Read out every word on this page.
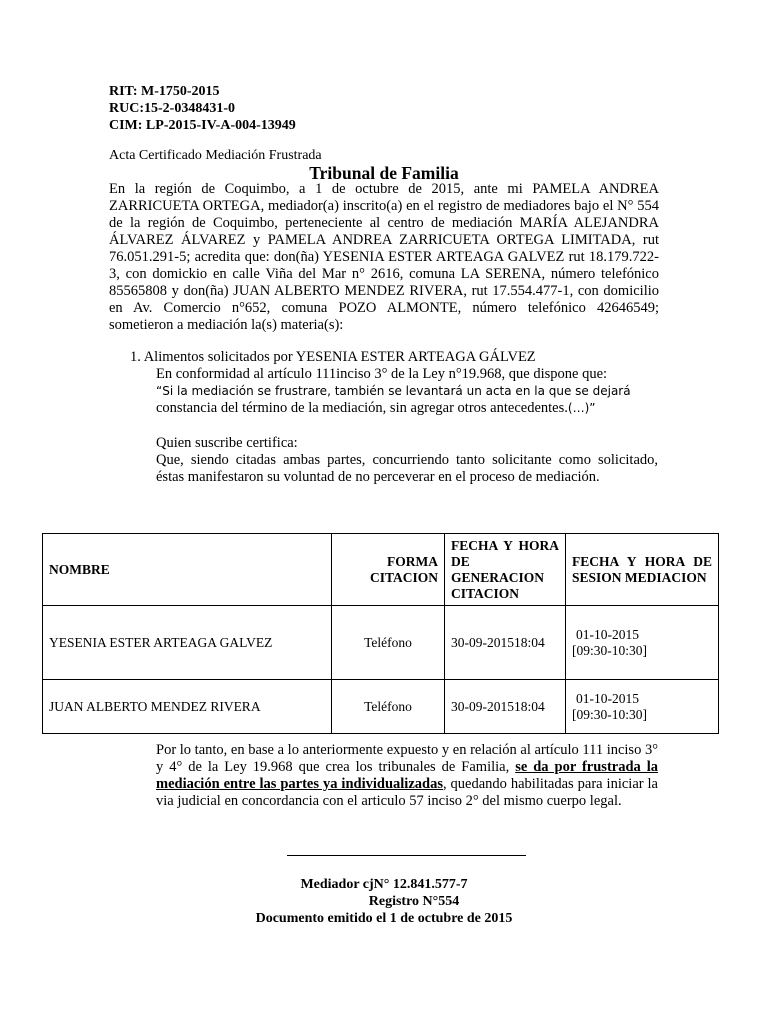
RIT: M-1750-2015
RUC:15-2-0348431-0
CIM: LP-2015-IV-A-004-13949
Acta Certificado Mediación Frustrada
Tribunal de Familia

En la región de Coquimbo, a 1 de octubre de 2015, ante mi PAMELA ANDREA ZARRICUETA ORTEGA, mediador(a) inscrito(a) en el registro de mediadores bajo el N° 554 de la región de Coquimbo, perteneciente al centro de mediación MARÍA ALEJANDRA ÁLVAREZ ÁLVAREZ y PAMELA ANDREA ZARRICUETA ORTEGA LIMITADA, rut 76.051.291-5; acredita que: don(ña) YESENIA ESTER ARTEAGA GALVEZ rut 18.179.722-3, con domickio en calle Viña del Mar n° 2616, comuna LA SERENA, número telefónico 85565808 y don(ña) JUAN ALBERTO MENDEZ RIVERA, rut 17.554.477-1, con domicilio en Av. Comercio n°652, comuna POZO ALMONTE, número telefónico 42646549; sometieron a mediación la(s) materia(s):

1. Alimentos solicitados por YESENIA ESTER ARTEAGA GÁLVEZ

En conformidad al artículo 111inciso 3° de la Ley n°19.968, que dispone que:

“Si la mediación se frustrare, también se levantará un acta en la que se dejará
constancia del término de la mediación, sin agregar otros antecedentes.(…)”

Quien suscribe certifica:

Que, siendo citadas ambas partes, concurriendo tanto solicitante como solicitado, éstas manifestaron su voluntad de no perceverar en el proceso de mediación.

NOMBRE	FORMA CITACION	FECHA Y HORA DE GENERACION CITACION	FECHA Y HORA DE SESION MEDIACION
YESENIA ESTER ARTEAGA GALVEZ	Teléfono	30-09-201518:04	01-10-2015
[09:30-10:30]

JUAN ALBERTO MENDEZ RIVERA	Teléfono	30-09-201518:04	01-10-2015
[09:30-10:30]

Por lo tanto, en base a lo anteriormente expuesto y en relación al artículo 111 inciso 3° y 4° de la Ley 19.968 que crea los tribunales de Familia, se da por frustrada la mediación entre las partes ya individualizadas, quedando habilitadas para iniciar la via judicial en concordancia con el articulo 57 inciso 2° del mismo cuerpo legal.

Mediador cjN° 12.841.577-7
Registro N°554
Documento emitido el 1 de octubre de 2015
